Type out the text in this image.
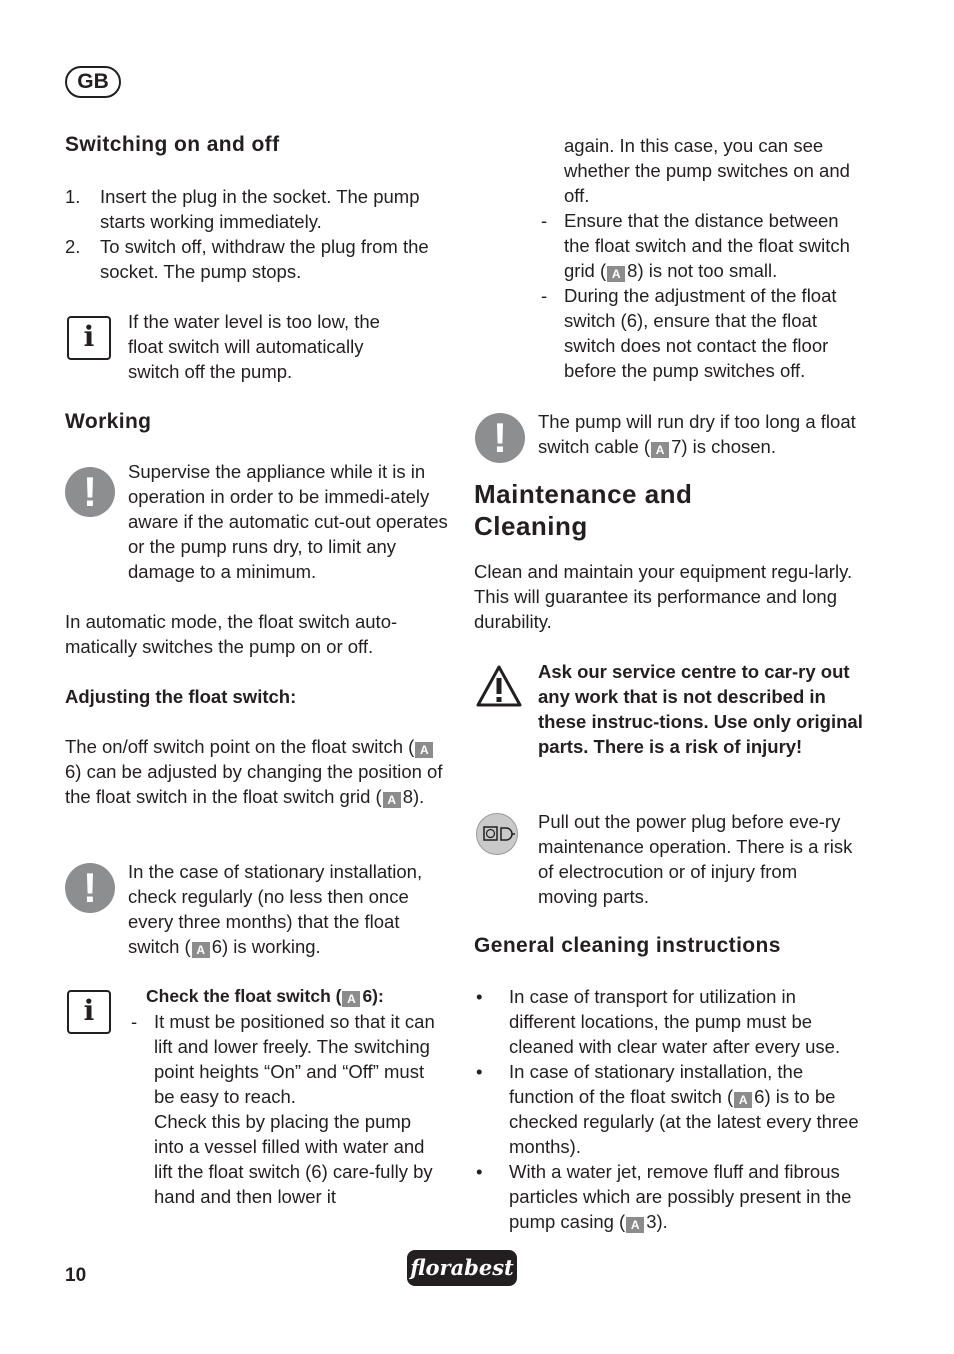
GB
Switching on and off
1. Insert the plug in the socket. The pump starts working immediately.
2. To switch off, withdraw the plug from the socket. The pump stops.
i	If the water level is too low, the float switch will automatically switch off the pump.
Working
!	Supervise the appliance while it is in operation in order to be immedi-ately aware if the automatic cut-out operates or the pump runs dry, to limit any damage to a minimum.
In automatic mode, the float switch auto-matically switches the pump on or off.
Adjusting the float switch:
The on/off switch point on the float switch ( A6) can be adjusted by changing the position of the float switch in the float switch grid ( A 8).
!	In the case of stationary installation, check regularly (no less then once every three months) that the float switch ( A 6) is working.
i	Check the float switch ( A 6):
- It must be positioned so that it can lift and lower freely. The switching point heights “On” and “Off” must be easy to reach.
Check this by placing the pump into a vessel filled with water and lift the float switch (6) care-fully by hand and then lower it
again. In this case, you can see whether the pump switches on and off.
- Ensure that the distance between the float switch and the float switch grid ( A 8) is not too small.
- During the adjustment of the float switch (6), ensure that the float switch does not contact the floor before the pump switches off.
!	The pump will run dry if too long a float switch cable ( A 7) is chosen.
Maintenance and
Cleaning
Clean and maintain your equipment regu-larly. This will guarantee its performance and long durability.
Ask our service centre to car-ry out any work that is not described in these instruc-tions. Use only original parts. There is a risk of injury!
Pull out the power plug before eve-ry maintenance operation. There is a risk of electrocution or of injury from moving parts.
General cleaning instructions
• In case of transport for utilization in different locations, the pump must be cleaned with clear water after every use.
• In case of stationary installation, the function of the float switch ( A 6) is to be checked regularly (at the latest every three months).
• With a water jet, remove fluff and fibrous particles which are possibly present in the pump casing ( A 3).
10	florabest
